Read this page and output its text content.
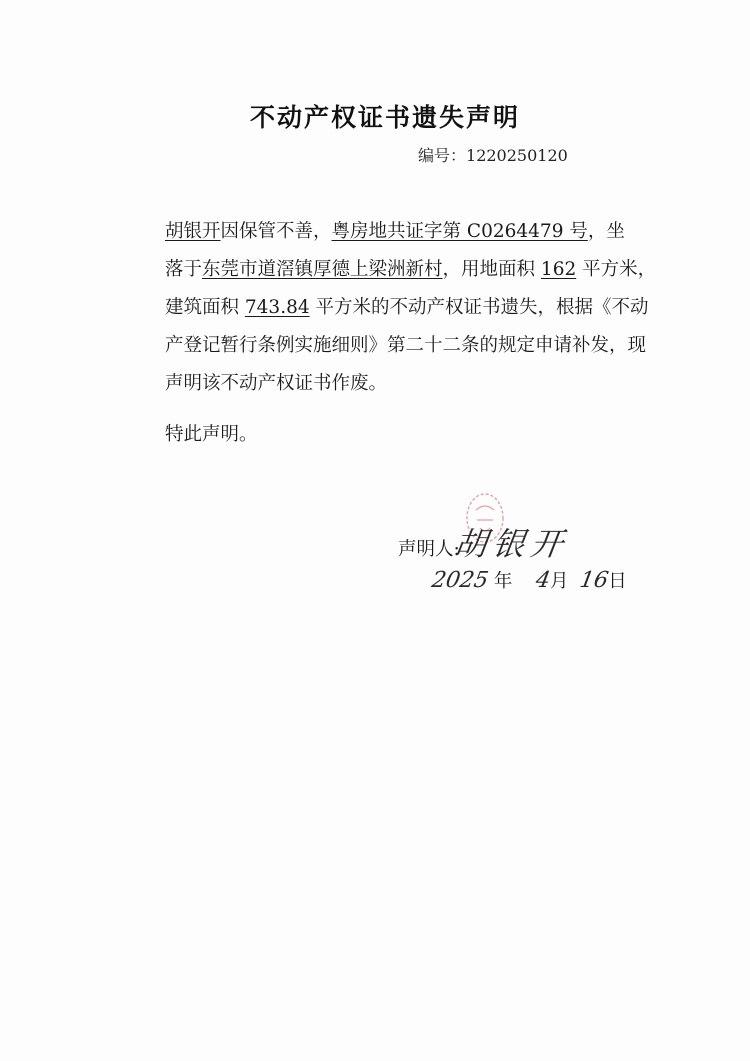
不动产权证书遗失声明
编号：1220250120

胡银开因保管不善，粤房地共证字第 C0264479 号，坐
落于东莞市道滘镇厚德上梁洲新村，用地面积 162 平方米，
建筑面积 743.84 平方米的不动产权证书遗失，根据《不动
产登记暂行条例实施细则》第二十二条的规定申请补发，现
声明该不动产权证书作废。

特此声明。
声明人:
胡银开
2025 年 4月 16日
